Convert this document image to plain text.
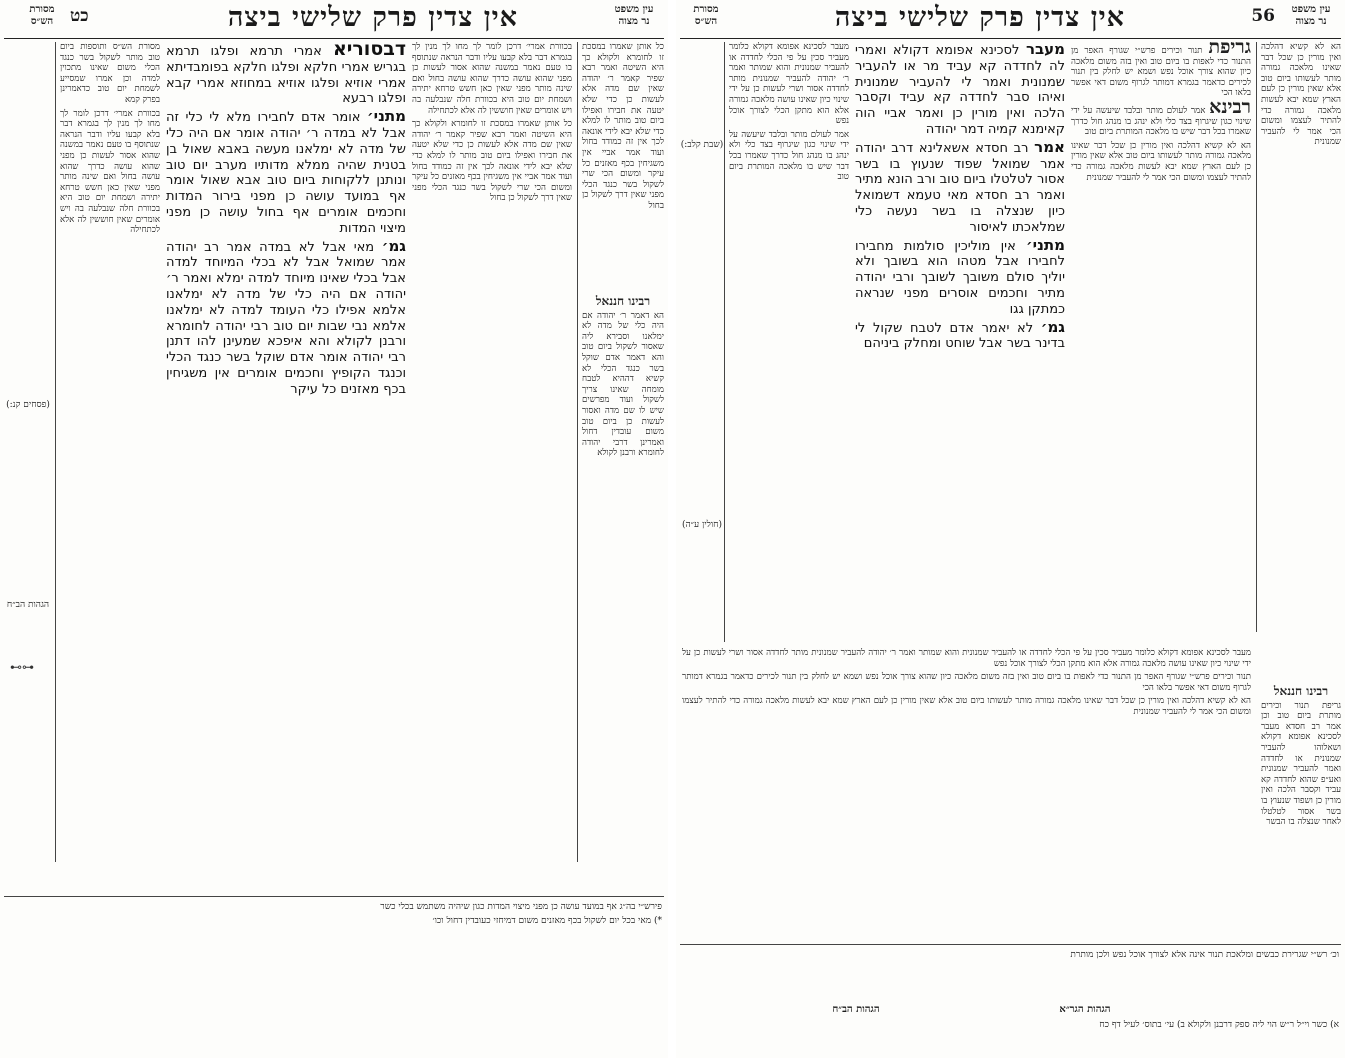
עין משפט
נר מצוה
אין צדין פרק שלישי ביצה
מסורת
הש״ס כט

כל אותן שאמרו במסכת זו לחומרא ולקולא כך היא השיטה ואמר רבא שפיר קאמר ר׳ יהודה שאין שם מדה אלא לעשות כן כדי שלא יטעה את חבירו ואפילו ביום טוב מותר לו למלא כדי שלא יבא לידי אונאה לכך אין זה כמודד בחול ועוד אמר אביי אין משגיחין בכף מאזנים כל עיקר ומשום הכי שרי לשקול בשר כנגד הכלי מפני שאין דרך לשקול כן בחול

רבינו חננאל

הא דאמר ר׳ יהודה אם היה כלי של מדה לא ימלאנו וסבירא ליה שאסור לשקול ביום טוב והא דאמר אדם שוקל בשר כנגד הכלי לא קשיא דההיא לטבח מומחה שאינו צריך לשקול ועוד מפרשים שיש לו שם מדה ואסור לעשות כן ביום טוב משום עובדין דחול ואמרינן דרבי יהודה לחומרא ורבנן לקולא

בכוורת אמרי׳ דרכן לומר לך מחו לך מנין לך בגמרא דבר בלא קבעו עליו ודבר הנראה שנתוסף בו טעם נאמר במשנה שהוא אסור לעשות כן מפני שהוא עושה כדרך שהוא עושה בחול ואם שינה מותר מפני שאין כאן חשש טרחא יתירה ושמחת יום טוב היא בכוורת חלה שנבלעה בה ויש אומרים שאין חוששין לה אלא לכתחילה

כל אותן שאמרו במסכת זו לחומרא ולקולא כך היא השיטה ואמר רבא שפיר קאמר ר׳ יהודה שאין שם מדה אלא לעשות כן כדי שלא יטעה את חבירו ואפילו ביום טוב מותר לו למלא כדי שלא יבא לידי אונאה לכך אין זה כמודד בחול ועוד אמר אביי אין משגיחין בכף מאזנים כל עיקר ומשום הכי שרי לשקול בשר כנגד הכלי מפני שאין דרך לשקול כן בחול

דבסוריא אמרי תרמא ופלגו תרמא בגריש אמרי חלקא ופלגו חלקא בפומבדיתא אמרי אוזיא ופלגו אוזיא במחוזא אמרי קבא ופלגו רבעא

מתני׳ אומר אדם לחבירו מלא לי כלי זה אבל לא במדה ר׳ יהודה אומר אם היה כלי של מדה לא ימלאנו מעשה באבא שאול בן בטנית שהיה ממלא מדותיו מערב יום טוב ונותנן ללקוחות ביום טוב אבא שאול אומר אף במועד עושה כן מפני בירור המדות וחכמים אומרים אף בחול עושה כן מפני מיצוי המדות

גמ׳ מאי אבל לא במדה אמר רב יהודה אמר שמואל אבל לא בכלי המיוחד למדה אבל בכלי שאינו מיוחד למדה ימלא ואמר ר׳ יהודה אם היה כלי של מדה לא ימלאנו אלמא אפילו כלי העומד למדה לא ימלאנו אלמא נבי שבות יום טוב רבי יהודה לחומרא ורבנן לקולא והא איפכא שמעינן להו דתנן רבי יהודה אומר אדם שוקל בשר כנגד הכלי וכנגד הקופיץ וחכמים אומרים אין משגיחין בכף מאזנים כל עיקר

מסורת הש״ס ותוספות ביום טוב מותר לשקול בשר כנגד הכלי משום שאינו מתכוין למדה וכן אמרו שמסייע לשמחת יום טוב כדאמרינן בפרק קמא

בכוורת אמרי׳ דרכן לומר לך מחו לך מנין לך בגמרא דבר בלא קבעו עליו ודבר הנראה שנתוסף בו טעם נאמר במשנה שהוא אסור לעשות כן מפני שהוא עושה כדרך שהוא עושה בחול ואם שינה מותר מפני שאין כאן חשש טרחא יתירה ושמחת יום טוב היא בכוורת חלה שנבלעה בה ויש אומרים שאין חוששין לה אלא לכתחילה

(פסחים קנ:)
הגהות הב״ח
⊷⊶
פירש״י בה״ג אף במועד עושה כן מפני מיצוי המדות כגון שיהיה משתמש בכלי כשר
*) מאי בכל יום לשקול בכף מאזנים משום דמיחזי כעובדין דחול וכו׳
עין משפט
נר מצוה
56
אין צדין פרק שלישי ביצה
מסורת
הש״ס

הא לא קשיא דהלכה ואין מורין כן שכל דבר שאינו מלאכה גמורה מותר לעשותו ביום טוב אלא שאין מורין כן לעם הארץ שמא יבא לעשות מלאכה גמורה כדי להתיר לעצמו ומשום הכי אמר לי להעביר שמנונית

רבינו חננאל

גריפת תנור וכירים מותרת ביום טוב וכן אמר רב חסדא מעבר לסכינא אפומא דקולא ושאלוהו להעביר שמנונית או לחדדה ואמר להעביר שמנונית ואע״פ שהוא לחדדה קא עביד וקסבר הלכה ואין מורין כן ושפוד שנעוץ בו בשר אסור לטלטלו לאחר שנצלה בו הבשר

גריפת תנור וכירים פרש״י שגורף האפר מן התנור כדי לאפות בו ביום טוב ואין בזה משום מלאכה כיון שהוא צורך אוכל נפש ושמא יש לחלק בין תנור לכירים כדאמר בגמרא דמותר לגרוף משום דאי אפשר בלאו הכי

רבינא אמר לעולם מותר ובלבד שיעשה על ידי שינוי כגון שיגרוף בצד כלי ולא ינהג בו מנהג חול כדרך שאמרו בכל דבר שיש בו מלאכה המותרת ביום טוב

הא לא קשיא דהלכה ואין מורין כן שכל דבר שאינו מלאכה גמורה מותר לעשותו ביום טוב אלא שאין מורין כן לעם הארץ שמא יבא לעשות מלאכה גמורה כדי להתיר לעצמו ומשום הכי אמר לי להעביר שמנונית

מעבר לסכינא אפומא דקולא ואמרי לה לחדדה קא עביד מר או להעביר שמנונית ואמר לי להעביר שמנונית ואיהו סבר לחדדה קא עביד וקסבר הלכה ואין מורין כן ואמר אביי הוה קאימנא קמיה דמר יהודה

אמר רב חסדא אשאלינא דרב יהודה אמר שמואל שפוד שנעוץ בו בשר אסור לטלטלו ביום טוב ורב הונא מתיר ואמר רב חסדא מאי טעמא דשמואל כיון שנצלה בו בשר נעשה כלי שמלאכתו לאיסור

מתני׳ אין מוליכין סולמות מחבירו לחבירו אבל מטהו הוא בשובך ולא יוליך סולם משובך לשובך ורבי יהודה מתיר וחכמים אוסרים מפני שנראה כמתקן גגו

גמ׳ לא יאמר אדם לטבח שקול לי בדינר בשר אבל שוחט ומחלק ביניהם

מעבר לסכינא אפומא דקולא כלומר מעביר סכין על פי הכלי לחדדה או להעביר שמנונית והוא שמותר ואמר ר׳ יהודה להעביר שמנונית מותר לחדדה אסור ושרי לעשות כן על ידי שינוי כיון שאינו עושה מלאכה גמורה אלא הוא מתקן הכלי לצורך אוכל נפש

אמר לעולם מותר ובלבד שיעשה על ידי שינוי כגון שיגרוף בצד כלי ולא ינהג בו מנהג חול כדרך שאמרו בכל דבר שיש בו מלאכה המותרת ביום טוב

(שבת קלב:)
(חולין ע״ה)

מעבר לסכינא אפומא דקולא כלומר מעביר סכין על פי הכלי לחדדה או להעביר שמנונית והוא שמותר ואמר ר׳ יהודה להעביר שמנונית מותר לחדדה אסור ושרי לעשות כן על ידי שינוי כיון שאינו עושה מלאכה גמורה אלא הוא מתקן הכלי לצורך אוכל נפש

תנור וכירים פרש״י שגורף האפר מן התנור כדי לאפות בו ביום טוב ואין בזה משום מלאכה כיון שהוא צורך אוכל נפש ושמא יש לחלק בין תנור לכירים כדאמר בגמרא דמותר לגרוף משום דאי אפשר בלאו הכי

הא לא קשיא דהלכה ואין מורין כן שכל דבר שאינו מלאכה גמורה מותר לעשותו ביום טוב אלא שאין מורין כן לעם הארץ שמא יבא לעשות מלאכה גמורה כדי להתיר לעצמו ומשום הכי אמר לי להעביר שמנונית

וכ׳ רש״י שגרירת כבשים ומלאכת תנור אינה אלא לצורך אוכל נפש ולכן מותרת
הגהות הגר״א
הגהות הב״ח
א) כשר וי״ל ר״ש הוי ליה ספק דרבנן ולקולא ב) עי׳ בתוס׳ לעיל דף כח
